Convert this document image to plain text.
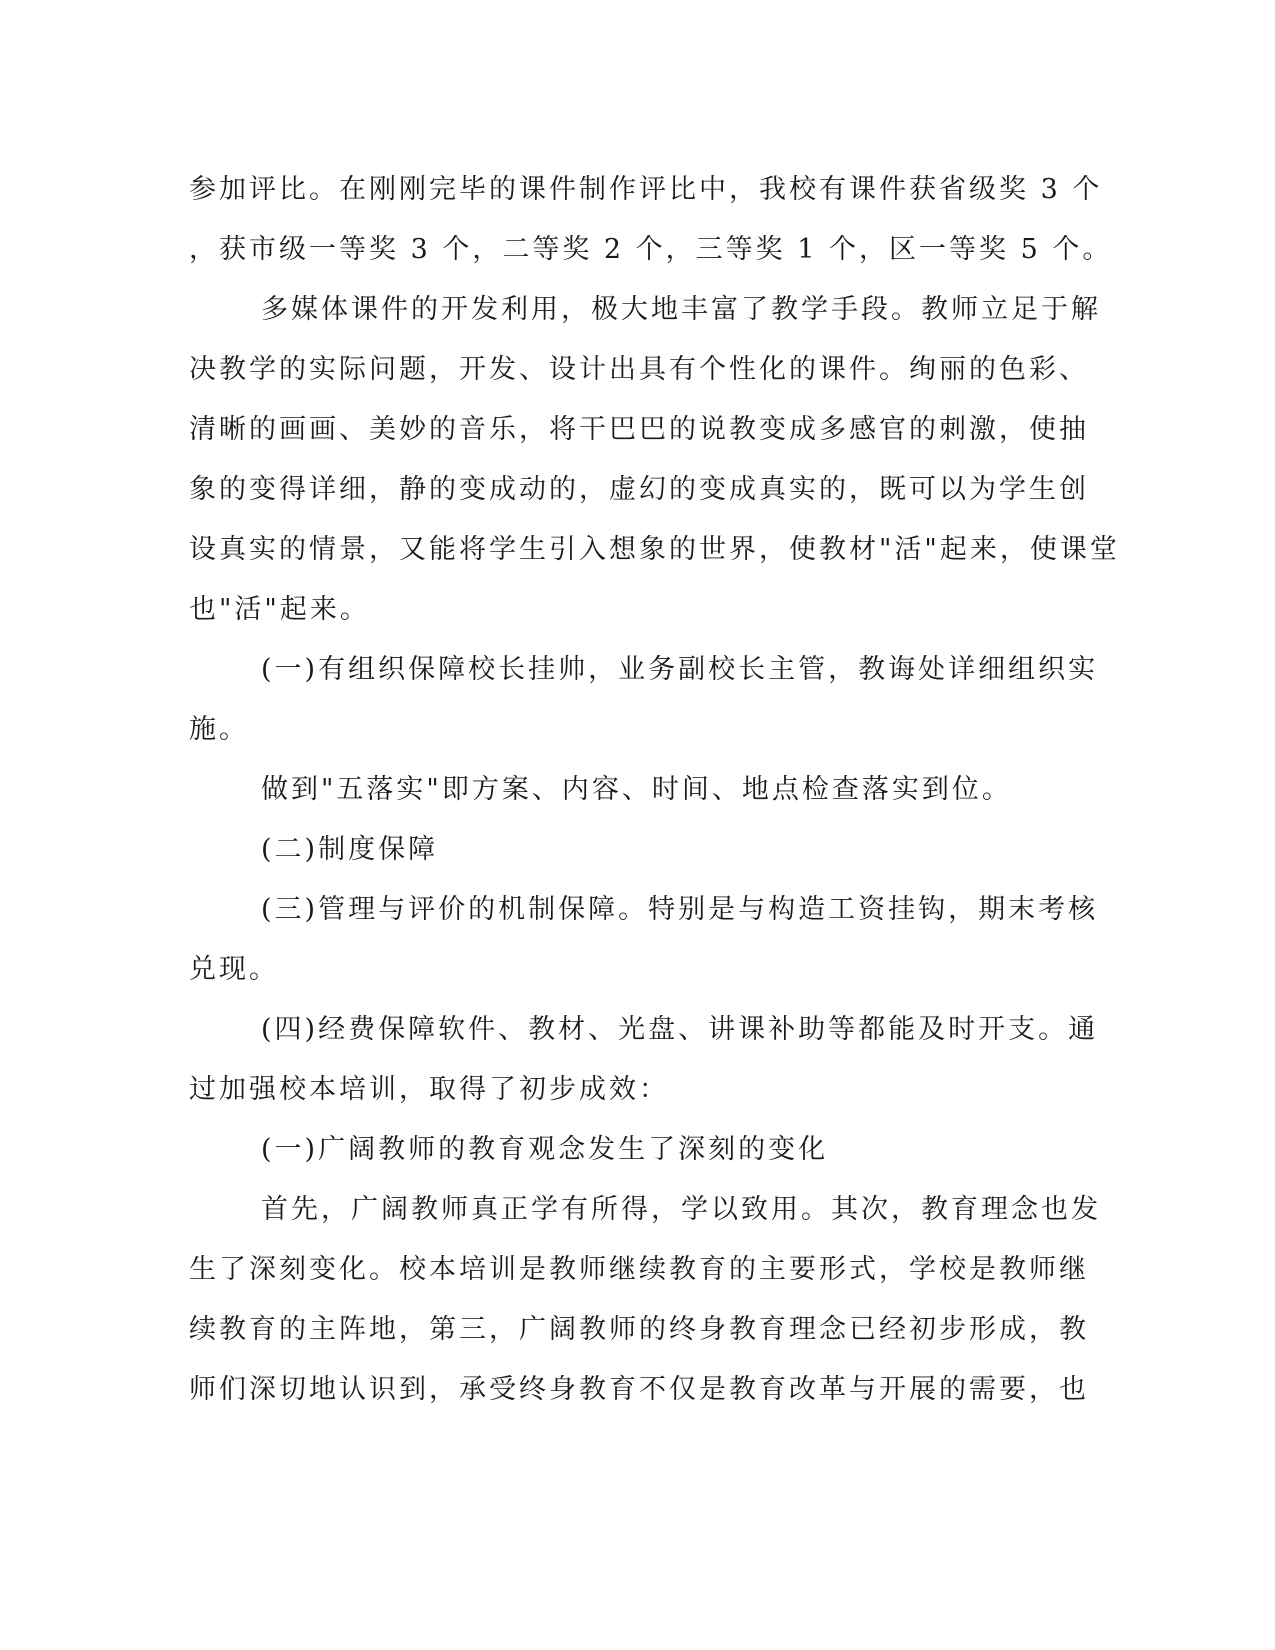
参加评比。在刚刚完毕的课件制作评比中，我校有课件获省级奖 3 个
，获市级一等奖 3 个，二等奖 2 个，三等奖 1 个，区一等奖 5 个。
多媒体课件的开发利用，极大地丰富了教学手段。教师立足于解
决教学的实际问题，开发、设计出具有个性化的课件。绚丽的色彩、
清晰的画画、美妙的音乐，将干巴巴的说教变成多感官的刺激，使抽
象的变得详细，静的变成动的，虚幻的变成真实的，既可以为学生创
设真实的情景，又能将学生引入想象的世界，使教材"活"起来，使课堂
也"活"起来。
(一)有组织保障校长挂帅，业务副校长主管，教诲处详细组织实
施。
做到"五落实"即方案、内容、时间、地点检查落实到位。
(二)制度保障
(三)管理与评价的机制保障。特别是与构造工资挂钩，期末考核
兑现。
(四)经费保障软件、教材、光盘、讲课补助等都能及时开支。通
过加强校本培训，取得了初步成效：
(一)广阔教师的教育观念发生了深刻的变化
首先，广阔教师真正学有所得，学以致用。其次，教育理念也发
生了深刻变化。校本培训是教师继续教育的主要形式，学校是教师继
续教育的主阵地，第三，广阔教师的终身教育理念已经初步形成，教
师们深切地认识到，承受终身教育不仅是教育改革与开展的需要，也
